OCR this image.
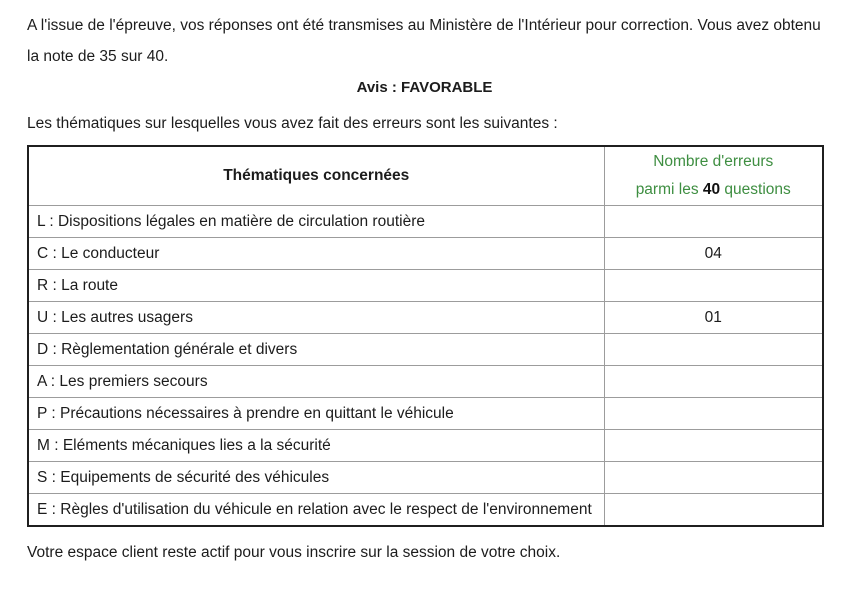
A l'issue de l'épreuve, vos réponses ont été transmises au Ministère de l'Intérieur pour correction. Vous avez obtenu la note de 35 sur 40.

Avis : FAVORABLE

Les thématiques sur lesquelles vous avez fait des erreurs sont les suivantes :

Thématiques concernées	Nombre d'erreurs
parmi les 40 questions
L : Dispositions légales en matière de circulation routière	
C : Le conducteur	04
R : La route	
U : Les autres usagers	01
D : Règlementation générale et divers	
A : Les premiers secours	
P : Précautions nécessaires à prendre en quittant le véhicule	
M : Eléments mécaniques lies a la sécurité	
S : Equipements de sécurité des véhicules	
E : Règles d'utilisation du véhicule en relation avec le respect de l'environnement	

Votre espace client reste actif pour vous inscrire sur la session de votre choix.
